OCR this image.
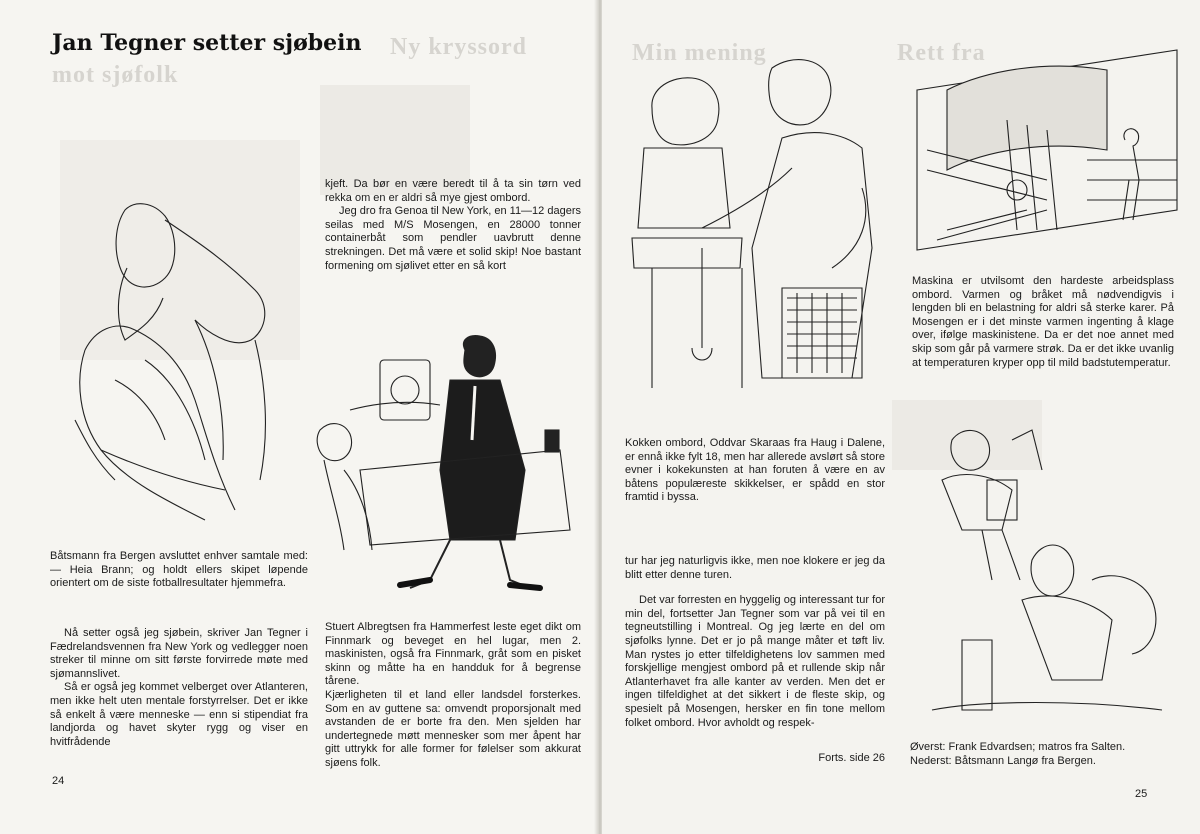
Ny kryssord
mot sjøfolk
Jan Tegner setter sjøbein
Båtsmann fra Bergen avsluttet enhver samtale med: — Heia Brann; og holdt ellers skipet løpende orientert om de siste fotballresultater hjemmefra.

Nå setter også jeg sjøbein, skriver Jan Tegner i Fædrelandsvennen fra New York og vedlegger noen streker til minne om sitt første forvirrede møte med sjømannslivet.

Så er også jeg kommet velberget over Atlanteren, men ikke helt uten mentale forstyrrelser. Det er ikke så enkelt å være menneske — enn si stipendiat fra landjorda og havet skyter rygg og viser en hvitfrådende

kjeft. Da bør en være beredt til å ta sin tørn ved rekka om en er aldri så mye gjest ombord.

Jeg dro fra Genoa til New York, en 11—12 dagers seilas med M/S Mosengen, en 28000 tonner containerbåt som pendler uavbrutt denne strekningen. Det må være et solid skip! Noe bastant formening om sjølivet etter en så kort

Stuert Albregtsen fra Hammerfest leste eget dikt om Finnmark og beveget en hel lugar, men 2. maskinisten, også fra Finnmark, gråt som en pisket skinn og måtte ha en handduk for å begrense tårene.

Kjærligheten til et land eller landsdel forsterkes. Som en av guttene sa: omvendt proporsjonalt med avstanden de er borte fra den. Men sjelden har undertegnede møtt mennesker som mer åpent har gitt uttrykk for alle former for følelser som akkurat sjøens folk.

24
Min mening	Rett fra
Kokken ombord, Oddvar Skaraas fra Haug i Dalene, er ennå ikke fylt 18, men har allerede avslørt så store evner i kokekunsten at han foruten å være en av båtens populæreste skikkelser, er spådd en stor framtid i byssa.
Maskina er utvilsomt den hardeste arbeidsplass ombord. Varmen og bråket må nødvendigvis i lengden bli en belastning for aldri så sterke karer. På Mosengen er i det minste varmen ingenting å klage over, ifølge maskinistene. Da er det noe annet med skip som går på varmere strøk. Da er det ikke uvanlig at temperaturen kryper opp til mild badstutemperatur.

tur har jeg naturligvis ikke, men noe klokere er jeg da blitt etter denne turen.

Det var forresten en hyggelig og interessant tur for min del, fortsetter Jan Tegner som var på vei til en tegneutstilling i Montreal. Og jeg lærte en del om sjøfolks lynne. Det er jo på mange måter et tøft liv. Man rystes jo etter tilfeldighetens lov sammen med forskjellige mengjest ombord på et rullende skip når Atlanterhavet fra alle kanter av verden. Men det er ingen tilfeldighet at det sikkert i de fleste skip, og spesielt på Mosengen, hersker en fin tone mellom folket ombord. Hvor avholdt og respek-

Forts. side 26

Øverst: Frank Edvardsen; matros fra Salten.

Nederst: Båtsmann Langø fra Bergen.

25
